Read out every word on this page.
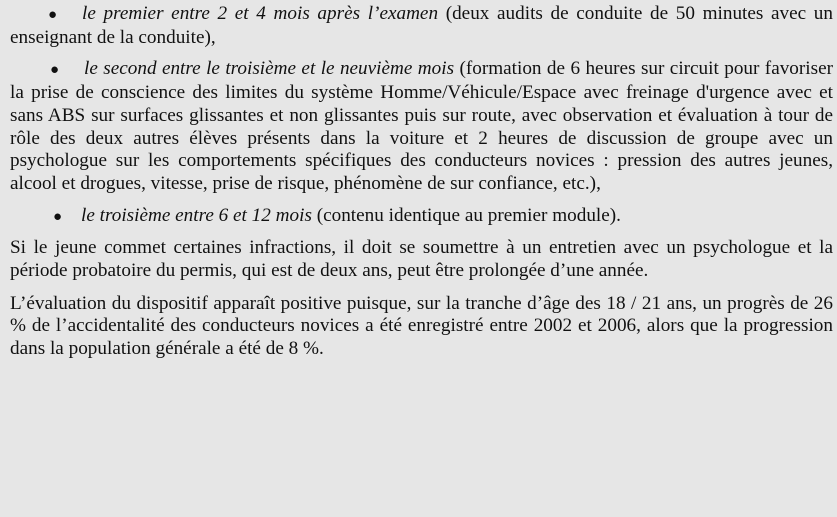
● le premier entre 2 et 4 mois après l’examen (deux audits de conduite de 50 minutes avec un enseignant de la conduite),
● le second entre le troisième et le neuvième mois (formation de 6 heures sur circuit pour favoriser la prise de conscience des limites du système Homme/Véhicule/Espace avec freinage d'urgence avec et sans ABS sur surfaces glissantes et non glissantes puis sur route, avec observation et évaluation à tour de rôle des deux autres élèves présents dans la voiture et 2 heures de discussion de groupe avec un psychologue sur les comportements spécifiques des conducteurs novices : pression des autres jeunes, alcool et drogues, vitesse, prise de risque, phénomène de sur confiance, etc.),
● le troisième entre 6 et 12 mois (contenu identique au premier module).

Si le jeune commet certaines infractions, il doit se soumettre à un entretien avec un psychologue et la période probatoire du permis, qui est de deux ans, peut être prolongée d’une année.

L’évaluation du dispositif apparaît positive puisque, sur la tranche d’âge des 18 / 21 ans, un progrès de 26 % de l’accidentalité des conducteurs novices a été enregistré entre 2002 et 2006, alors que la progression dans la population générale a été de 8 %.
